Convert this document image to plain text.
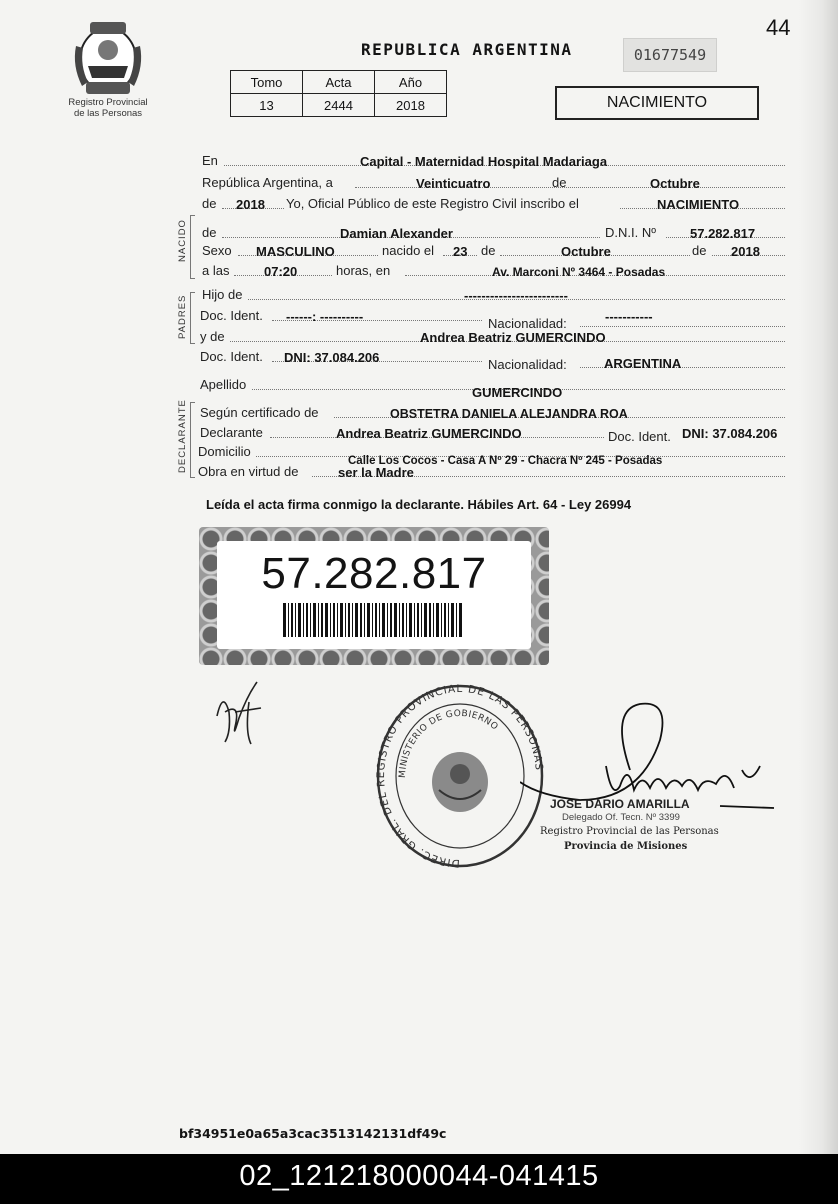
44
Registro Provincial
de las Personas
REPUBLICA ARGENTINA	01677549
Tomo	Acta	Año
13	2444	2018	NACIMIENTO
NACIDO
PADRES
DECLARANTE
En	Capital - Maternidad Hospital Madariaga
República Argentina, a	Veinticuatro	de	Octubre
de 2018 Yo, Oficial Público de este Registro Civil inscribo el	NACIMIENTO
de	Damian Alexander	D.N.I. Nº	57.282.817
Sexo MASCULINO	nacido el 23 de	Octubre	de 2018
a las	07:20	horas, en	Av. Marconi Nº 3464 - Posadas
Hijo de	------------------------
Doc. Ident. ------: ----------	Nacionalidad:	-----------
y de	Andrea Beatriz GUMERCINDO
Doc. Ident. DNI: 37.084.206	Nacionalidad:	ARGENTINA
Apellido
GUMERCINDO
Según certificado de	OBSTETRA DANIELA ALEJANDRA ROA
Declarante	Andrea Beatriz GUMERCINDO	Doc. Ident. DNI: 37.084.206
Domicilio
Calle Los Cocos - Casa A Nº 29 - Chacra Nº 245 - Posadas
Obra en virtud de	ser la Madre
Leída el acta firma conmigo la declarante. Hábiles Art. 64 - Ley 26994
57.282.817
DIREC. GRAL. DEL REGISTRO PROVINCIAL DE LAS PERSONAS
MINISTERIO DE GOBIERNO
JOSE DARIO AMARILLA
Delegado Of. Tecn. Nº 3399
Registro Provincial de las Personas
Provincia de Misiones
bf34951e0a65a3cac3513142131df49c
02_121218000044-041415
